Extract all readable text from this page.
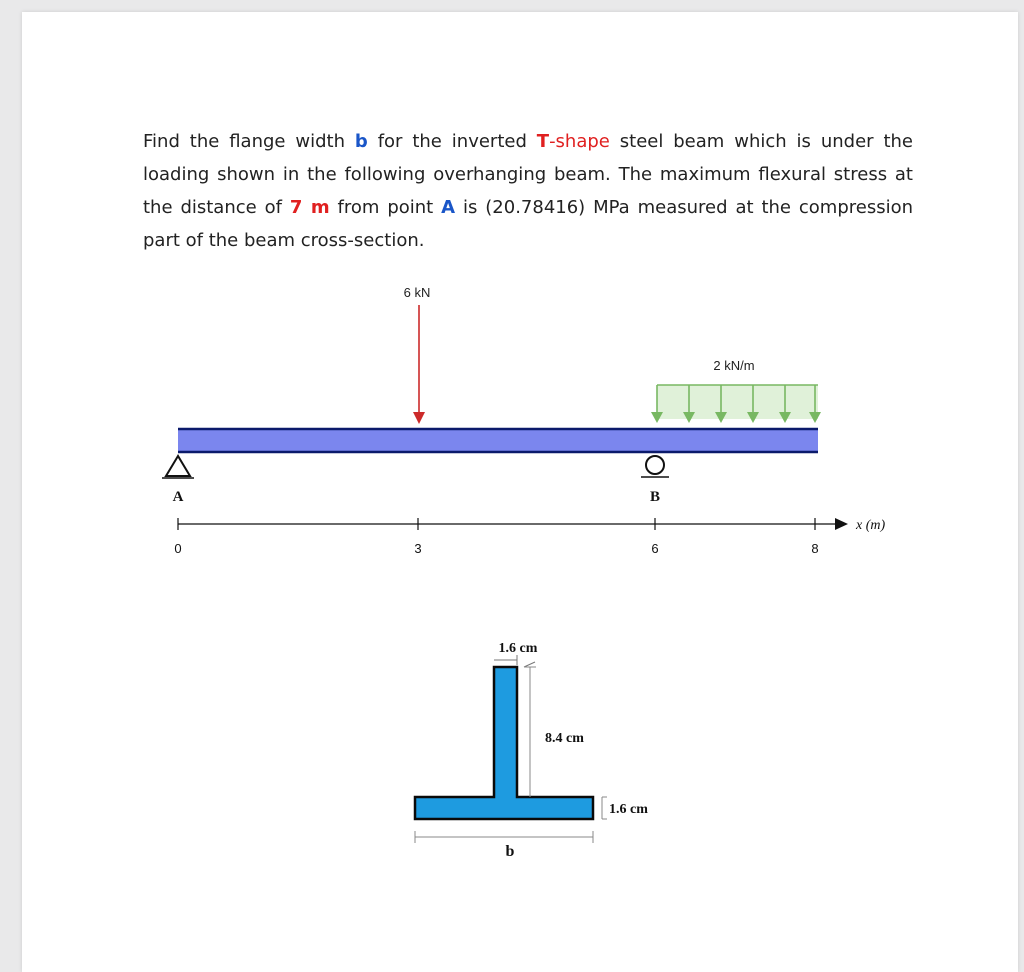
Find the flange width b for the inverted T-shape steel beam which is under the loading shown in the following overhanging beam. The maximum flexural stress at the distance of 7 m from point A is (20.78416) MPa measured at the compression part of the beam cross-section.

6 kN
2 kN/m
A	B
x (m)
0	3	6	8
1.6 cm
8.4 cm
1.6 cm
b
